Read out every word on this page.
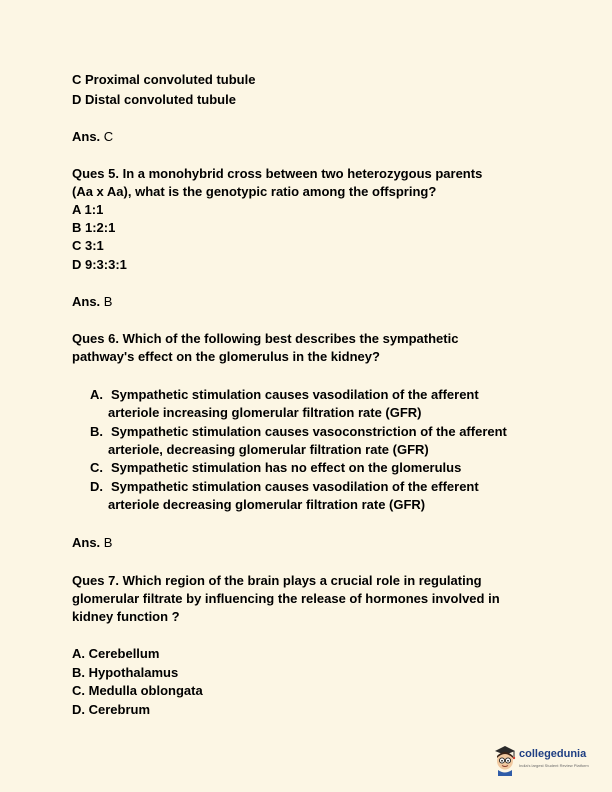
C Proximal convoluted tubule
D Distal convoluted tubule
Ans. C
Ques 5. In a monohybrid cross between two heterozygous parents
(Aa x Aa), what is the genotypic ratio among the offspring?
A 1:1
B 1:2:1
C 3:1
D 9:3:3:1
Ans. B
Ques 6. Which of the following best describes the sympathetic
pathway's effect on the glomerulus in the kidney?
A. Sympathetic stimulation causes vasodilation of the afferent
arteriole increasing glomerular filtration rate (GFR)
B. Sympathetic stimulation causes vasoconstriction of the afferent
arteriole, decreasing glomerular filtration rate (GFR)
C. Sympathetic stimulation has no effect on the glomerulus
D. Sympathetic stimulation causes vasodilation of the efferent
arteriole decreasing glomerular filtration rate (GFR)
Ans. B
Ques 7. Which region of the brain plays a crucial role in regulating
glomerular filtrate by influencing the release of hormones involved in
kidney function ?
A. Cerebellum
B. Hypothalamus
C. Medulla oblongata
D. Cerebrum
collegedunia
India's largest Student Review Platform
